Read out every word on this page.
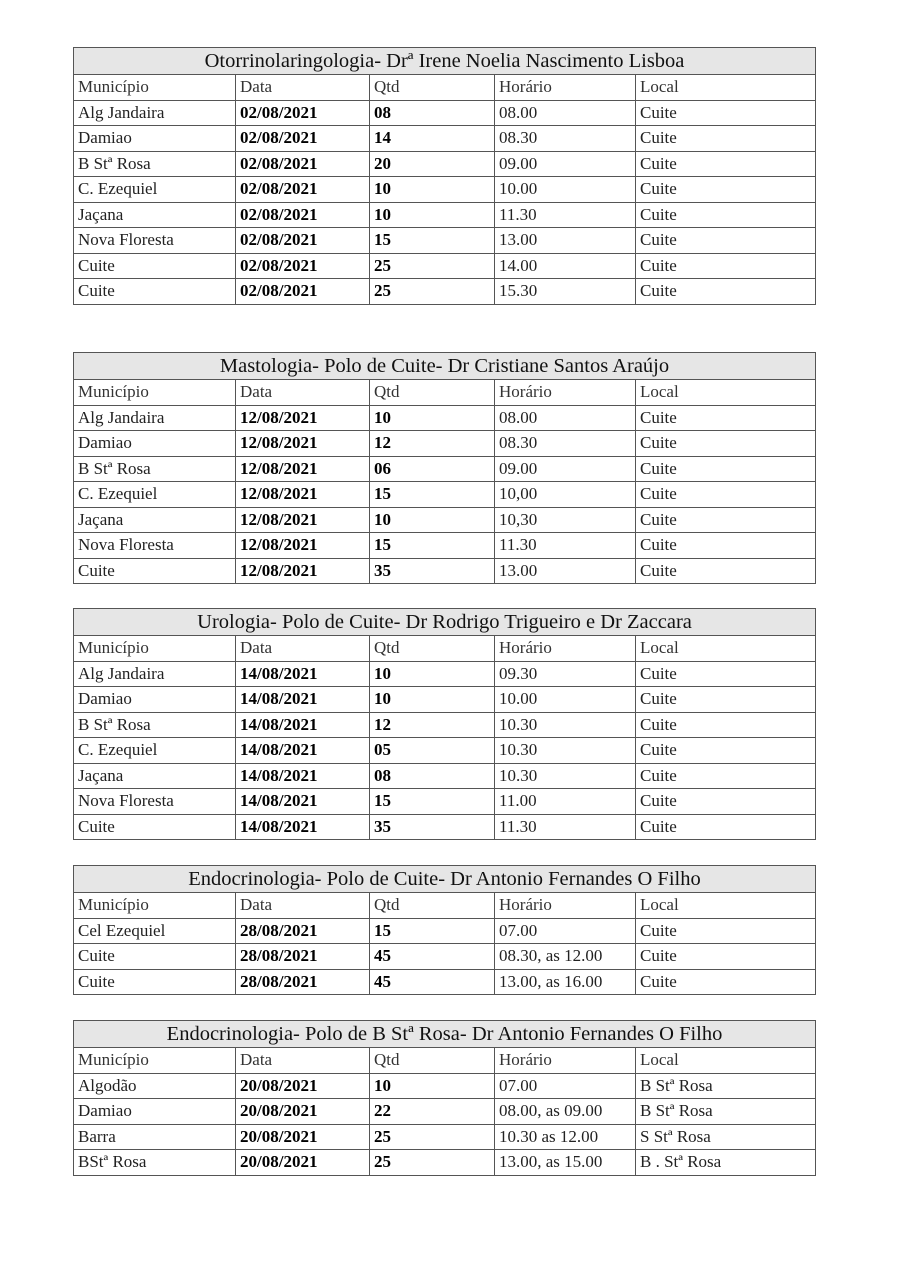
Otorrinolaringologia- Drª Irene Noelia Nascimento Lisboa				
Município	Data	Qtd	Horário	Local
Alg Jandaira	02/08/2021	08	08.00	Cuite
Damiao	02/08/2021	14	08.30	Cuite
B Stª Rosa	02/08/2021	20	09.00	Cuite
C. Ezequiel	02/08/2021	10	10.00	Cuite
Jaçana	02/08/2021	10	11.30	Cuite
Nova Floresta	02/08/2021	15	13.00	Cuite
Cuite	02/08/2021	25	14.00	Cuite
Cuite	02/08/2021	25	15.30	Cuite
Mastologia- Polo de Cuite- Dr Cristiane Santos Araújo				
Município	Data	Qtd	Horário	Local
Alg Jandaira	12/08/2021	10	08.00	Cuite
Damiao	12/08/2021	12	08.30	Cuite
B Stª Rosa	12/08/2021	06	09.00	Cuite
C. Ezequiel	12/08/2021	15	10,00	Cuite
Jaçana	12/08/2021	10	10,30	Cuite
Nova Floresta	12/08/2021	15	11.30	Cuite
Cuite	12/08/2021	35	13.00	Cuite
Urologia- Polo de Cuite- Dr Rodrigo Trigueiro e Dr Zaccara				
Município	Data	Qtd	Horário	Local
Alg Jandaira	14/08/2021	10	09.30	Cuite
Damiao	14/08/2021	10	10.00	Cuite
B Stª Rosa	14/08/2021	12	10.30	Cuite
C. Ezequiel	14/08/2021	05	10.30	Cuite
Jaçana	14/08/2021	08	10.30	Cuite
Nova Floresta	14/08/2021	15	11.00	Cuite
Cuite	14/08/2021	35	11.30	Cuite
Endocrinologia- Polo de Cuite- Dr Antonio Fernandes O Filho				
Município	Data	Qtd	Horário	Local
Cel Ezequiel	28/08/2021	15	07.00	Cuite
Cuite	28/08/2021	45	08.30, as 12.00	Cuite
Cuite	28/08/2021	45	13.00, as 16.00	Cuite
Endocrinologia- Polo de B Stª Rosa- Dr Antonio Fernandes O Filho				
Município	Data	Qtd	Horário	Local
Algodão	20/08/2021	10	07.00	B Stª Rosa
Damiao	20/08/2021	22	08.00, as 09.00	B Stª Rosa
Barra	20/08/2021	25	10.30 as 12.00	S Stª Rosa
BStª Rosa	20/08/2021	25	13.00, as 15.00	B . Stª Rosa
